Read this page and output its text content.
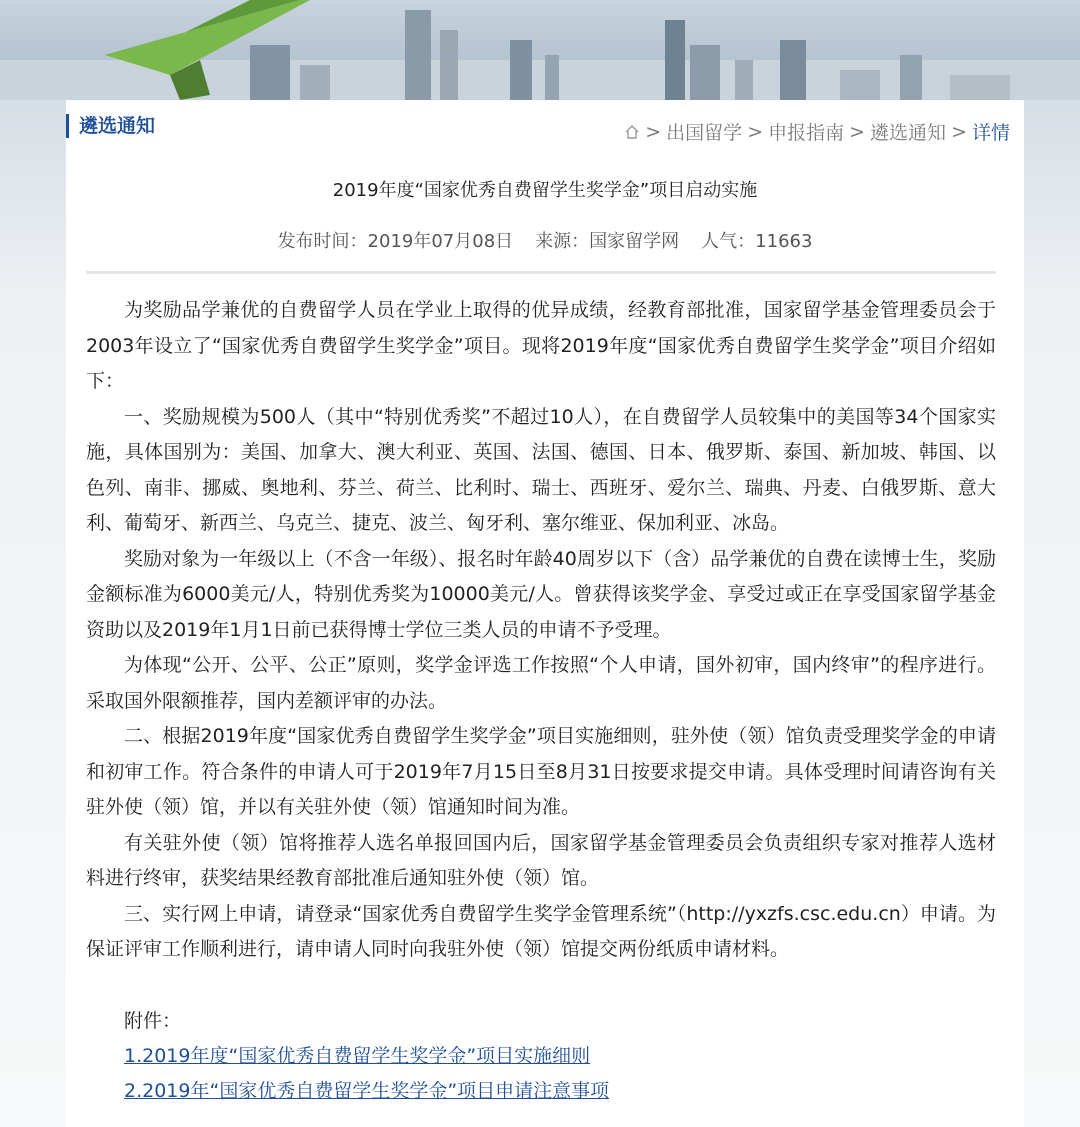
遴选通知	> 出国留学 > 申报指南 > 遴选通知 > 详情
2019年度“国家优秀自费留学生奖学金”项目启动实施
发布时间：2019年07月08日 来源：国家留学网 人气：11663

为奖励品学兼优的自费留学人员在学业上取得的优异成绩，经教育部批准，国家留学基金管理委员会于2003年设立了“国家优秀自费留学生奖学金”项目。现将2019年度“国家优秀自费留学生奖学金”项目介绍如下：

一、奖励规模为500人（其中“特别优秀奖”不超过10人），在自费留学人员较集中的美国等34个国家实施，具体国别为：美国、加拿大、澳大利亚、英国、法国、德国、日本、俄罗斯、泰国、新加坡、韩国、以色列、南非、挪威、奥地利、芬兰、荷兰、比利时、瑞士、西班牙、爱尔兰、瑞典、丹麦、白俄罗斯、意大利、葡萄牙、新西兰、乌克兰、捷克、波兰、匈牙利、塞尔维亚、保加利亚、冰岛。

奖励对象为一年级以上（不含一年级）、报名时年龄40周岁以下（含）品学兼优的自费在读博士生，奖励金额标准为6000美元/人，特别优秀奖为10000美元/人。曾获得该奖学金、享受过或正在享受国家留学基金资助以及2019年1月1日前已获得博士学位三类人员的申请不予受理。

为体现“公开、公平、公正”原则，奖学金评选工作按照“个人申请，国外初审，国内终审”的程序进行。采取国外限额推荐，国内差额评审的办法。

二、根据2019年度“国家优秀自费留学生奖学金”项目实施细则，驻外使（领）馆负责受理奖学金的申请和初审工作。符合条件的申请人可于2019年7月15日至8月31日按要求提交申请。具体受理时间请咨询有关驻外使（领）馆，并以有关驻外使（领）馆通知时间为准。

有关驻外使（领）馆将推荐人选名单报回国内后，国家留学基金管理委员会负责组织专家对推荐人选材料进行终审，获奖结果经教育部批准后通知驻外使（领）馆。

三、实行网上申请，请登录“国家优秀自费留学生奖学金管理系统”（http://yxzfs.csc.edu.cn）申请。为保证评审工作顺利进行，请申请人同时向我驻外使（领）馆提交两份纸质申请材料。

附件：
1.2019年度“国家优秀自费留学生奖学金”项目实施细则
2.2019年“国家优秀自费留学生奖学金”项目申请注意事项
